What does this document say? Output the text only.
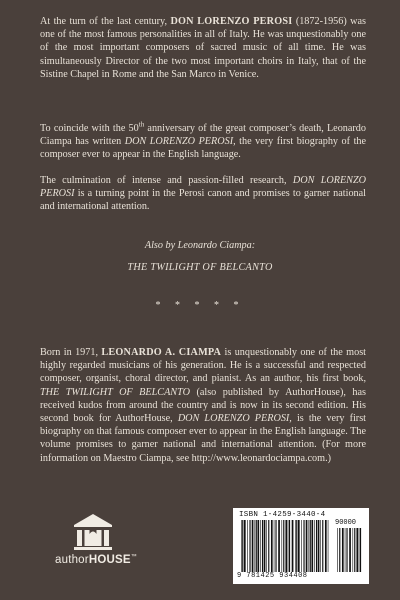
At the turn of the last century, DON LORENZO PEROSI (1872-1956) was one of the most famous personalities in all of Italy. He was unquestionably one of the most important composers of sacred music of all time. He was simultaneously Director of the two most important choirs in Italy, that of the Sistine Chapel in Rome and the San Marco in Venice.

To coincide with the 50th anniversary of the great composer’s death, Leonardo Ciampa has written DON LORENZO PEROSI, the very first biography of the composer ever to appear in the English language.

The culmination of intense and passion-filled research, DON LORENZO PEROSI is a turning point in the Perosi canon and promises to garner national and international attention.

Also by Leonardo Ciampa:
THE TWILIGHT OF BELCANTO
* * * * *

Born in 1971, LEONARDO A. CIAMPA is unquestionably one of the most highly regarded musicians of his generation. He is a successful and respected composer, organist, choral director, and pianist. As an author, his first book, THE TWILIGHT OF BELCANTO (also published by AuthorHouse), has received kudos from around the country and is now in its second edition. His second book for AuthorHouse, DON LORENZO PEROSI, is the very first biography on that famous composer ever to appear in the English language. The volume promises to garner national and international attention. (For more information on Maestro Ciampa, see http://www.leonardociampa.com.)

authorHOUSE™
ISBN 1-4259-3440-4
90000
9 781425 934408
